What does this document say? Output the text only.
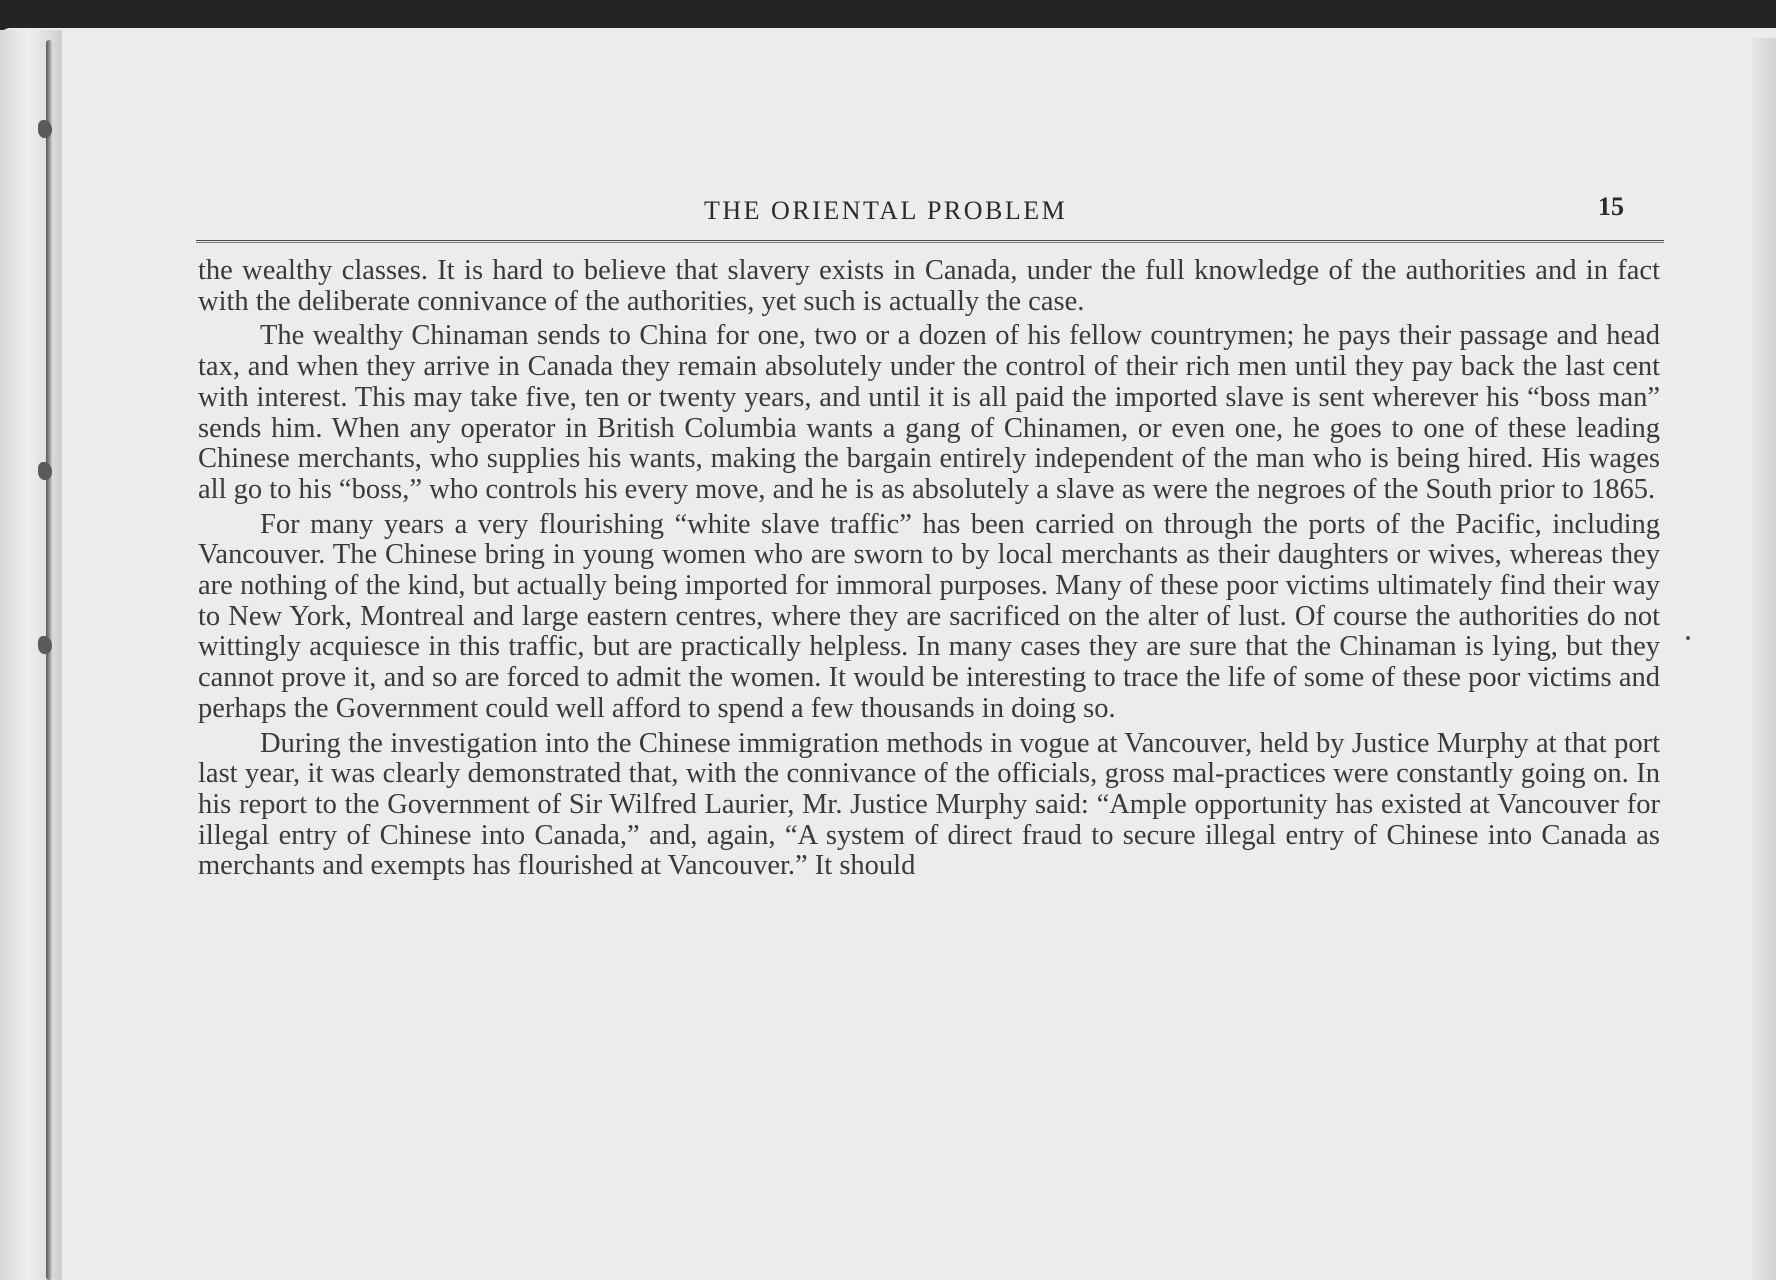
THE ORIENTAL PROBLEM	15

the wealthy classes. It is hard to believe that slavery exists in Canada, under the full knowledge of the authorities and in fact with the deliberate connivance of the authorities, yet such is actually the case.

The wealthy Chinaman sends to China for one, two or a dozen of his fellow countrymen; he pays their passage and head tax, and when they arrive in Canada they remain absolutely under the control of their rich men until they pay back the last cent with interest. This may take five, ten or twenty years, and until it is all paid the imported slave is sent wherever his “boss man” sends him. When any operator in British Columbia wants a gang of Chinamen, or even one, he goes to one of these leading Chinese merchants, who supplies his wants, making the bargain entirely independent of the man who is being hired. His wages all go to his “boss,” who controls his every move, and he is as absolutely a slave as were the negroes of the South prior to 1865.

For many years a very flourishing “white slave traffic” has been carried on through the ports of the Pacific, including Vancouver. The Chinese bring in young women who are sworn to by local merchants as their daughters or wives, whereas they are nothing of the kind, but actually being imported for immoral purposes. Many of these poor victims ultimately find their way to New York, Montreal and large eastern centres, where they are sacrificed on the alter of lust. Of course the authorities do not wittingly acquiesce in this traffic, but are practically helpless. In many cases they are sure that the Chinaman is lying, but they cannot prove it, and so are forced to admit the women. It would be interesting to trace the life of some of these poor victims and perhaps the Government could well afford to spend a few thousands in doing so.

During the investigation into the Chinese immigration methods in vogue at Vancouver, held by Justice Murphy at that port last year, it was clearly demonstrated that, with the connivance of the officials, gross mal-practices were constantly going on. In his report to the Government of Sir Wilfred Laurier, Mr. Justice Murphy said: “Ample opportunity has existed at Vancouver for illegal entry of Chinese into Canada,” and, again, “A system of direct fraud to secure illegal entry of Chinese into Canada as merchants and exempts has flourished at Vancouver.” It should
